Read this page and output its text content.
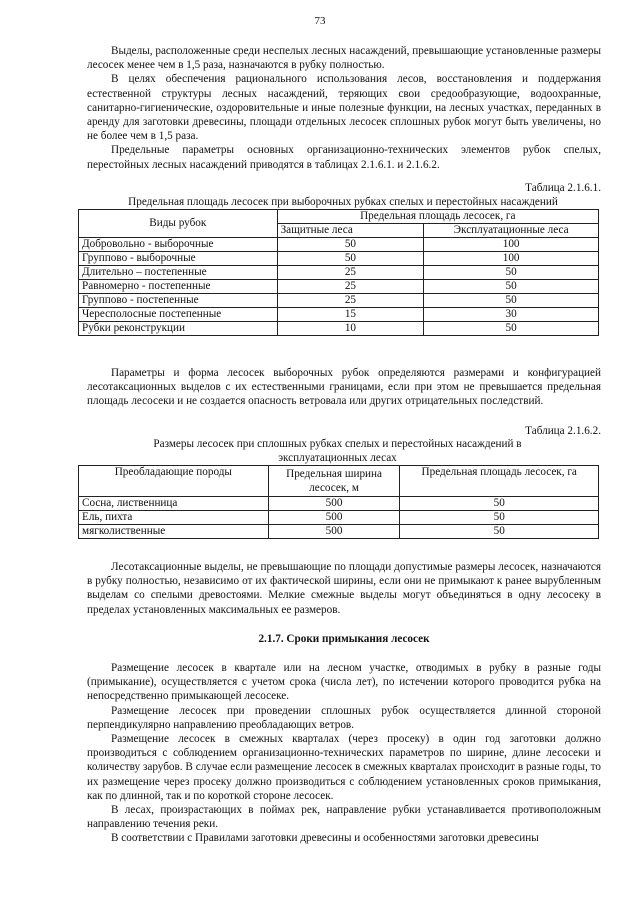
73

Выделы, расположенные среди неспелых лесных насаждений, превышающие установленные размеры лесосек менее чем в 1,5 раза, назначаются в рубку полностью.

В целях обеспечения рационального использования лесов, восстановления и поддержания естественной структуры лесных насаждений, теряющих свои средообразующие, водоохранные, санитарно-гигиенические, оздоровительные и иные полезные функции, на лесных участках, переданных в аренду для заготовки древесины, площади отдельных лесосек сплошных рубок могут быть увеличены, но не более чем в 1,5 раза.

Предельные параметры основных организационно-технических элементов рубок спелых, перестойных лесных насаждений приводятся в таблицах 2.1.6.1. и 2.1.6.2.

Таблица 2.1.6.1.
Предельная площадь лесосек при выборочных рубках спелых и перестойных насаждений
Виды рубок	Предельная площадь лесосек, га	
	Защитные леса	Эксплуатационные леса
Добровольно - выборочные	50	100
Группово - выборочные	50	100
Длительно – постепенные	25	50
Равномерно - постепенные	25	50
Группово - постепенные	25	50
Чересполосные постепенные	15	30
Рубки реконструкции	10	50

Параметры и форма лесосек выборочных рубок определяются размерами и конфигурацией лесотаксационных выделов с их естественными границами, если при этом не превышается предельная площадь лесосеки и не создается опасность ветровала или других отрицательных последствий.

Таблица 2.1.6.2.
Размеры лесосек при сплошных рубках спелых и перестойных насаждений в эксплуатационных лесах
Преобладающие породы	Предельная ширина лесосек, м	Предельная площадь лесосек, га
Сосна, лиственница	500	50
Ель, пихта	500	50
мягколиственные	500	50

Лесотаксационные выделы, не превышающие по площади допустимые размеры лесосек, назначаются в рубку полностью, независимо от их фактической ширины, если они не примыкают к ранее вырубленным выделам со спелыми древостоями. Мелкие смежные выделы могут объединяться в одну лесосеку в пределах установленных максимальных ее размеров.

2.1.7. Сроки примыкания лесосек

Размещение лесосек в квартале или на лесном участке, отводимых в рубку в разные годы (примыкание), осуществляется с учетом срока (числа лет), по истечении которого проводится рубка на непосредственно примыкающей лесосеке.

Размещение лесосек при проведении сплошных рубок осуществляется длинной стороной перпендикулярно направлению преобладающих ветров.

Размещение лесосек в смежных кварталах (через просеку) в один год заготовки должно производиться с соблюдением организационно-технических параметров по ширине, длине лесосеки и количеству зарубов. В случае если размещение лесосек в смежных кварталах происходит в разные годы, то их размещение через просеку должно производиться с соблюдением установленных сроков примыкания, как по длинной, так и по короткой стороне лесосек.

В лесах, произрастающих в поймах рек, направление рубки устанавливается противоположным направлению течения реки.

В соответствии с Правилами заготовки древесины и особенностями заготовки древесины
